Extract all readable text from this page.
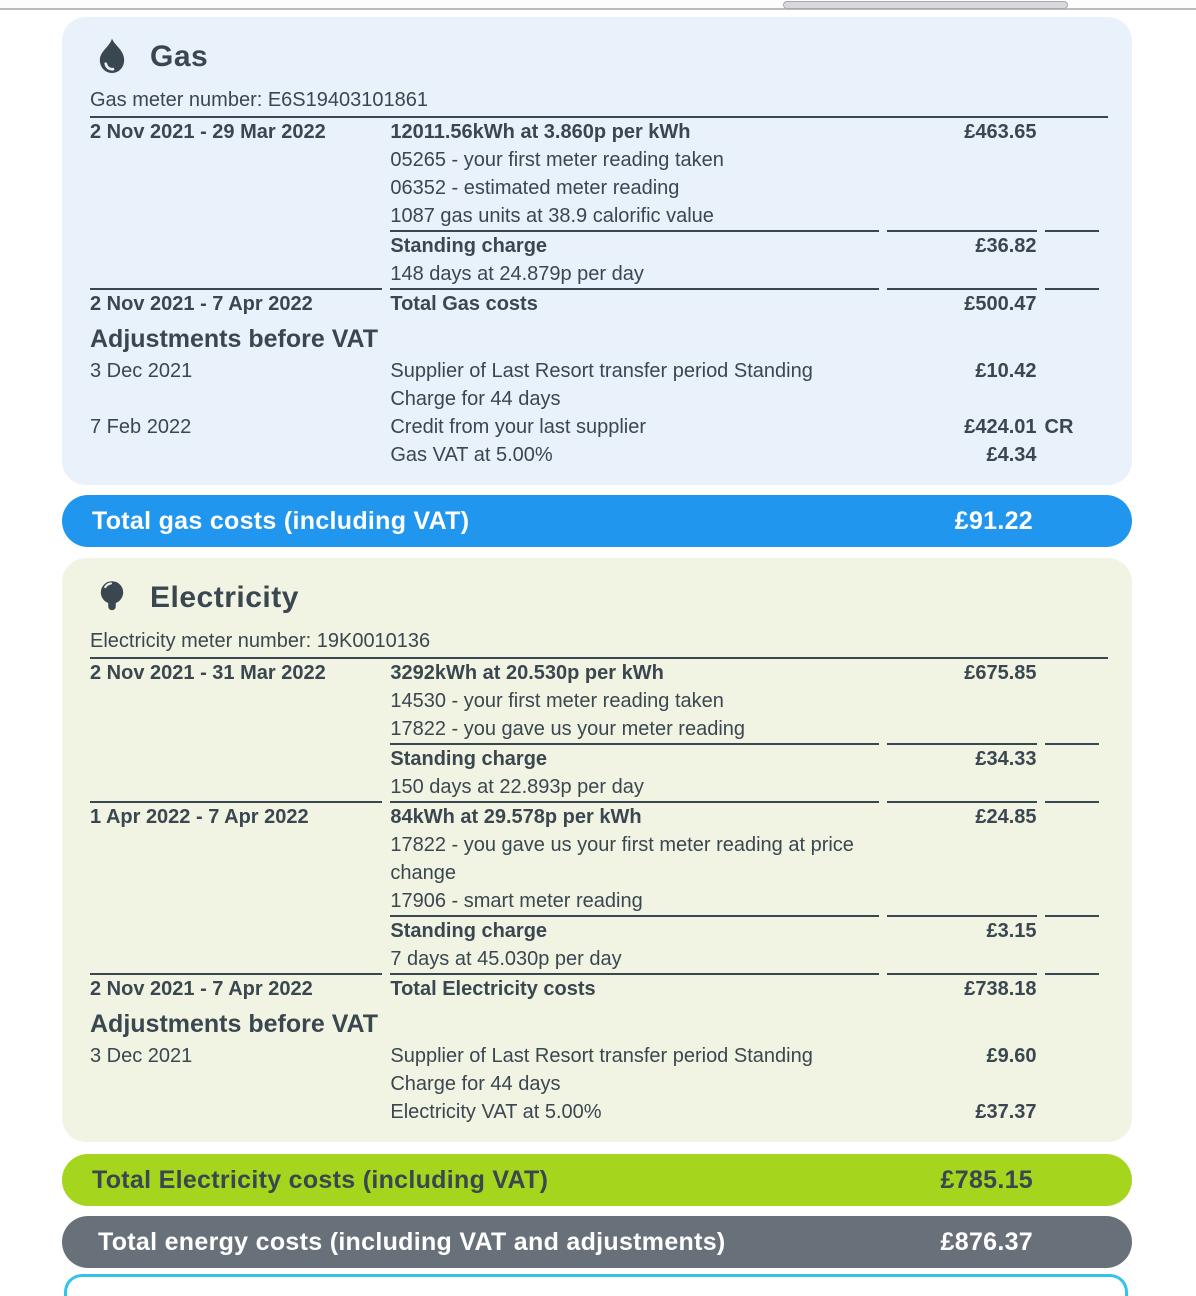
Gas
Gas meter number: E6S19403101861
2 Nov 2021 - 29 Mar 2022	12011.56kWh at 3.860p per kWh	£463.65	
	05265 - your first meter reading taken		
	06352 - estimated meter reading		
	1087 gas units at 38.9 calorific value		
	Standing charge	£36.82	
	148 days at 24.879p per day		
2 Nov 2021 - 7 Apr 2022	Total Gas costs	£500.47	
Adjustments before VAT
3 Dec 2021	Supplier of Last Resort transfer period Standing Charge for 44 days	£10.42	
7 Feb 2022	Credit from your last supplier	£424.01	CR
	Gas VAT at 5.00%	£4.34	
Total gas costs (including VAT)	£91.22
Electricity
Electricity meter number: 19K0010136
2 Nov 2021 - 31 Mar 2022	3292kWh at 20.530p per kWh	£675.85	
	14530 - your first meter reading taken		
	17822 - you gave us your meter reading		
	Standing charge	£34.33	
	150 days at 22.893p per day		
1 Apr 2022 - 7 Apr 2022	84kWh at 29.578p per kWh	£24.85	
	17822 - you gave us your first meter reading at price change		
	17906 - smart meter reading		
	Standing charge	£3.15	
	7 days at 45.030p per day		
2 Nov 2021 - 7 Apr 2022	Total Electricity costs	£738.18	
Adjustments before VAT
3 Dec 2021	Supplier of Last Resort transfer period Standing Charge for 44 days	£9.60	
	Electricity VAT at 5.00%	£37.37	
Total Electricity costs (including VAT)	£785.15
Total energy costs (including VAT and adjustments)	£876.37
